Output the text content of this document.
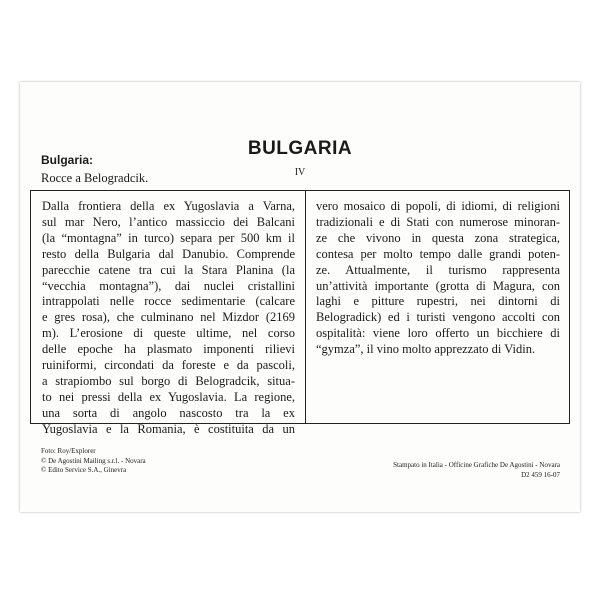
BULGARIA
IV
Bulgaria:
Rocce a Belogradcik.
Dalla frontiera della ex Yugoslavia a Varna,
sul mar Nero, l’antico massiccio dei Balcani
(la “montagna” in turco) separa per 500 km il
resto della Bulgaria dal Danubio. Comprende
parecchie catene tra cui la Stara Planina (la
“vecchia montagna”), dai nuclei cristallini
intrappolati nelle rocce sedimentarie (calcare
e gres rosa), che culminano nel Mizdor (2169
m). L’erosione di queste ultime, nel corso
delle epoche ha plasmato imponenti rilievi
ruiniformi, circondati da foreste e da pascoli,
a strapiombo sul borgo di Belogradcik, situa-
to nei pressi della ex Yugoslavia. La regione,
una sorta di angolo nascosto tra la ex
Yugoslavia e la Romania, è costituita da un
vero mosaico di popoli, di idiomi, di religioni
tradizionali e di Stati con numerose minoran-
ze che vivono in questa zona strategica,
contesa per molto tempo dalle grandi poten-
ze. Attualmente, il turismo rappresenta
un’attività importante (grotta di Magura, con
laghi e pitture rupestri, nei dintorni di
Belogradick) ed i turisti vengono accolti con
ospitalità: viene loro offerto un bicchiere di
“gymza”, il vino molto apprezzato di Vidin.
Foto: Roy/Explorer
© De Agostini Mailing s.r.l. - Novara
© Edito Service S.A., Ginevra
Stampato in Italia - Officine Grafiche De Agostini - Novara
D2 459 16-07
